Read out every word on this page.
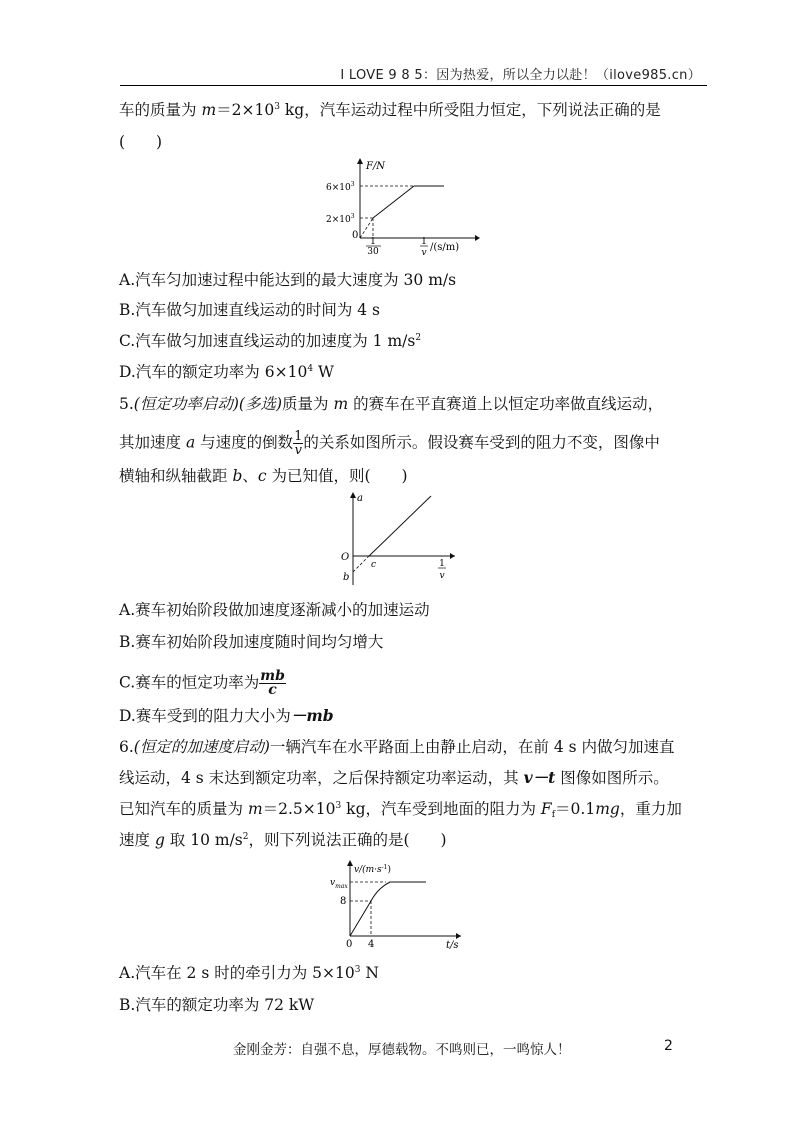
I LOVE 9 8 5：因为热爱，所以全力以赴！（ilove985.cn）
车的质量为 $m=2\times 10^3$ kg，汽车运动过程中所受阻力恒定，下列说法正确的是
(　　)
F/N
$6\times 10^3$
$2\times 10^3$
0
1
30
1
v /(s/m)
A.汽车匀加速过程中能达到的最大速度为 30 m/s
B.汽车做匀加速直线运动的时间为 4 s
C.汽车做匀加速直线运动的加速度为 1 $m/s^2$
D.汽车的额定功率为 $6\times 10^4$ W
5.(恒定功率启动)(多选)质量为 m 的赛车在平直赛道上以恒定功率做直线运动，
其加速度 a 与速度的倒数 $\frac{1}{v}$ 的关系如图所示。假设赛车受到的阻力不变，图像中
横轴和纵轴截距 b、c 为已知值，则(　　)
a
O
c
b
1
v
A.赛车初始阶段做加速度逐渐减小的加速运动
B.赛车初始阶段加速度随时间均匀增大
C.赛车的恒定功率为 $\frac{mb}{c}$
D.赛车受到的阻力大小为－mb
6.(恒定的加速度启动)一辆汽车在水平路面上由静止启动，在前 4 s 内做匀加速直
线运动，4 s 末达到额定功率，之后保持额定功率运动，其 v－t 图像如图所示。
已知汽车的质量为 $m=2.5\times 10^3$ kg，汽车受到地面的阻力为 $F_f=0.1mg$，重力加
速度 g 取 10 $m/s^2$，则下列说法正确的是(　　)
$v/(m\cdot s^{-1})$
$v_{max}$
8
0 4	t/s
A.汽车在 2 s 时的牵引力为 $5\times 10^3$ N
B.汽车的额定功率为 72 kW
金刚金芳：自强不息，厚德载物。不鸣则已，一鸣惊人！	2
